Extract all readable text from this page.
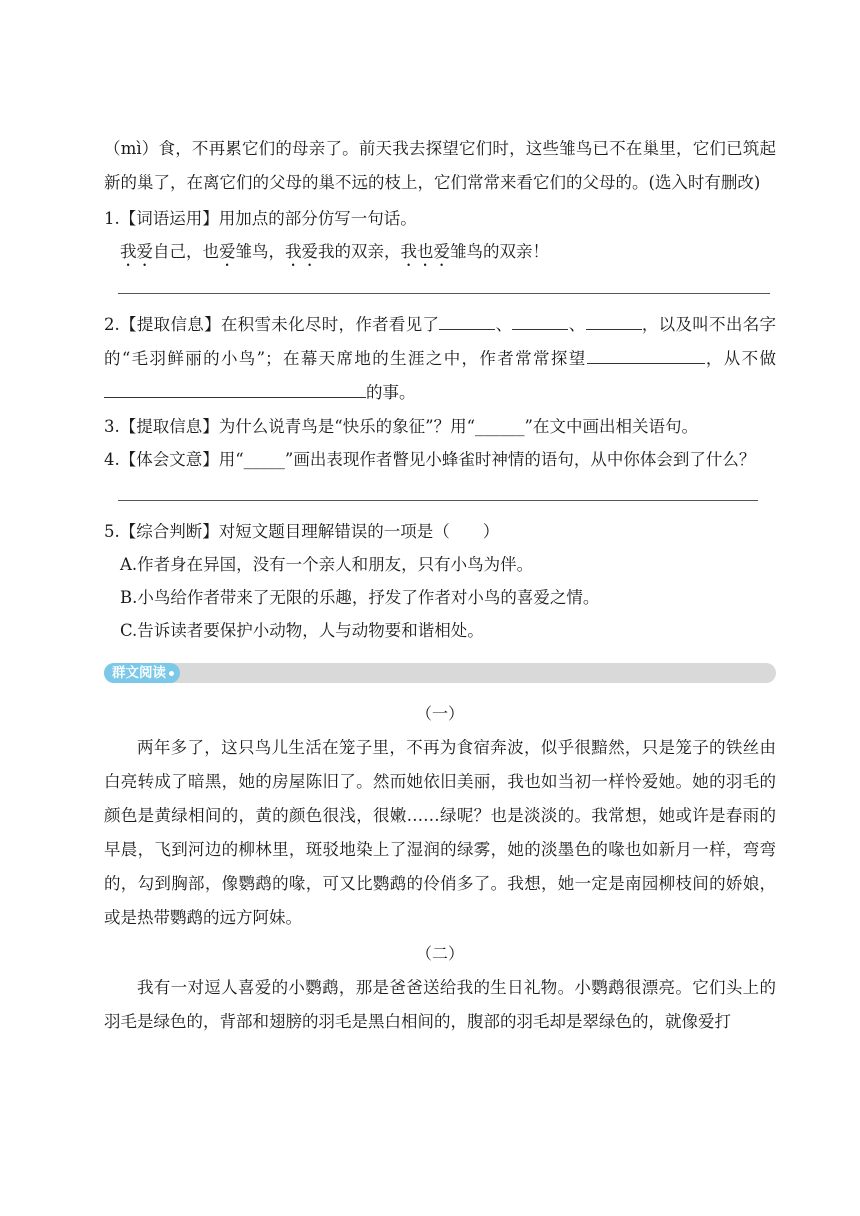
（mì）食，不再累它们的母亲了。前天我去探望它们时，这些雏鸟已不在巢里，它们已筑起新的巢了，在离它们的父母的巢不远的枝上，它们常常来看它们的父母的。(选入时有删改)

1.【词语运用】用加点的部分仿写一句话。

我爱自己，也爱雏鸟，我爱我的双亲，我也爱雏鸟的双亲！

2.【提取信息】在积雪未化尽时，作者看见了	、	、	，以及叫不出名字的“毛羽鲜丽的小鸟”；在幕天席地的生涯之中，作者常常探望	，从不做的事。

3.【提取信息】为什么说青鸟是“快乐的象征”？用“______”在文中画出相关语句。

4.【体会文意】用“_____”画出表现作者瞥见小蜂雀时神情的语句，从中你体会到了什么？

5.【综合判断】对短文题目理解错误的一项是（　　）

A.作者身在异国，没有一个亲人和朋友，只有小鸟为伴。

B.小鸟给作者带来了无限的乐趣，抒发了作者对小鸟的喜爱之情。

C.告诉读者要保护小动物，人与动物要和谐相处。

群文阅读

（一）

两年多了，这只鸟儿生活在笼子里，不再为食宿奔波，似乎很黯然，只是笼子的铁丝由白亮转成了暗黑，她的房屋陈旧了。然而她依旧美丽，我也如当初一样怜爱她。她的羽毛的颜色是黄绿相间的，黄的颜色很浅，很嫩……绿呢？也是淡淡的。我常想，她或许是春雨的早晨，飞到河边的柳林里，斑驳地染上了湿润的绿雾，她的淡墨色的喙也如新月一样，弯弯的，勾到胸部，像鹦鹉的喙，可又比鹦鹉的伶俏多了。我想，她一定是南园柳枝间的娇娘，或是热带鹦鹉的远方阿妹。

（二）

我有一对逗人喜爱的小鹦鹉，那是爸爸送给我的生日礼物。小鹦鹉很漂亮。它们头上的羽毛是绿色的，背部和翅膀的羽毛是黑白相间的，腹部的羽毛却是翠绿色的，就像爱打
